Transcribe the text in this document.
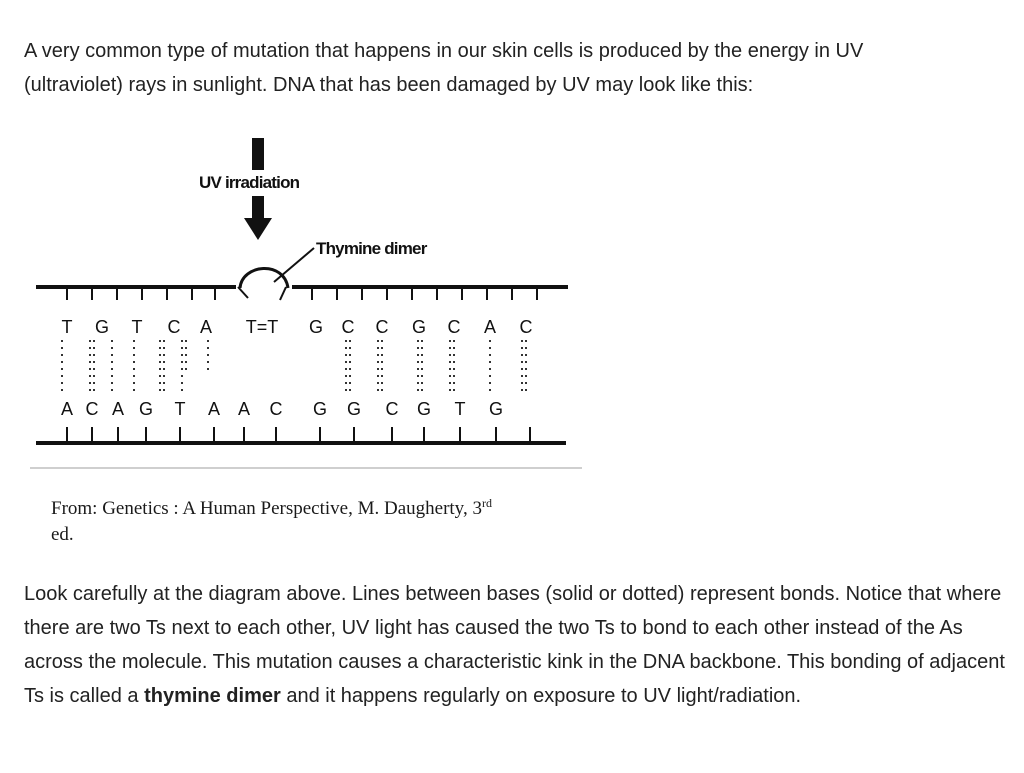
A very common type of mutation that happens in our skin cells is produced by the energy in UV
(ultraviolet) rays in sunlight. DNA that has been damaged by UV may look like this:

UV irradiation
Thymine dimer
T G T C A T=T G C C G C A C
A C A G T A A C G G C G T G

From: Genetics : A Human Perspective, M. Daugherty, 3rd
ed.

Look carefully at the diagram above. Lines between bases (solid or dotted) represent bonds. Notice that where there are two Ts next to each other, UV light has caused the two Ts to bond to each other instead of the As across the molecule. This mutation causes a characteristic kink in the DNA backbone. This bonding of adjacent Ts is called a thymine dimer and it happens regularly on exposure to UV light/radiation.
